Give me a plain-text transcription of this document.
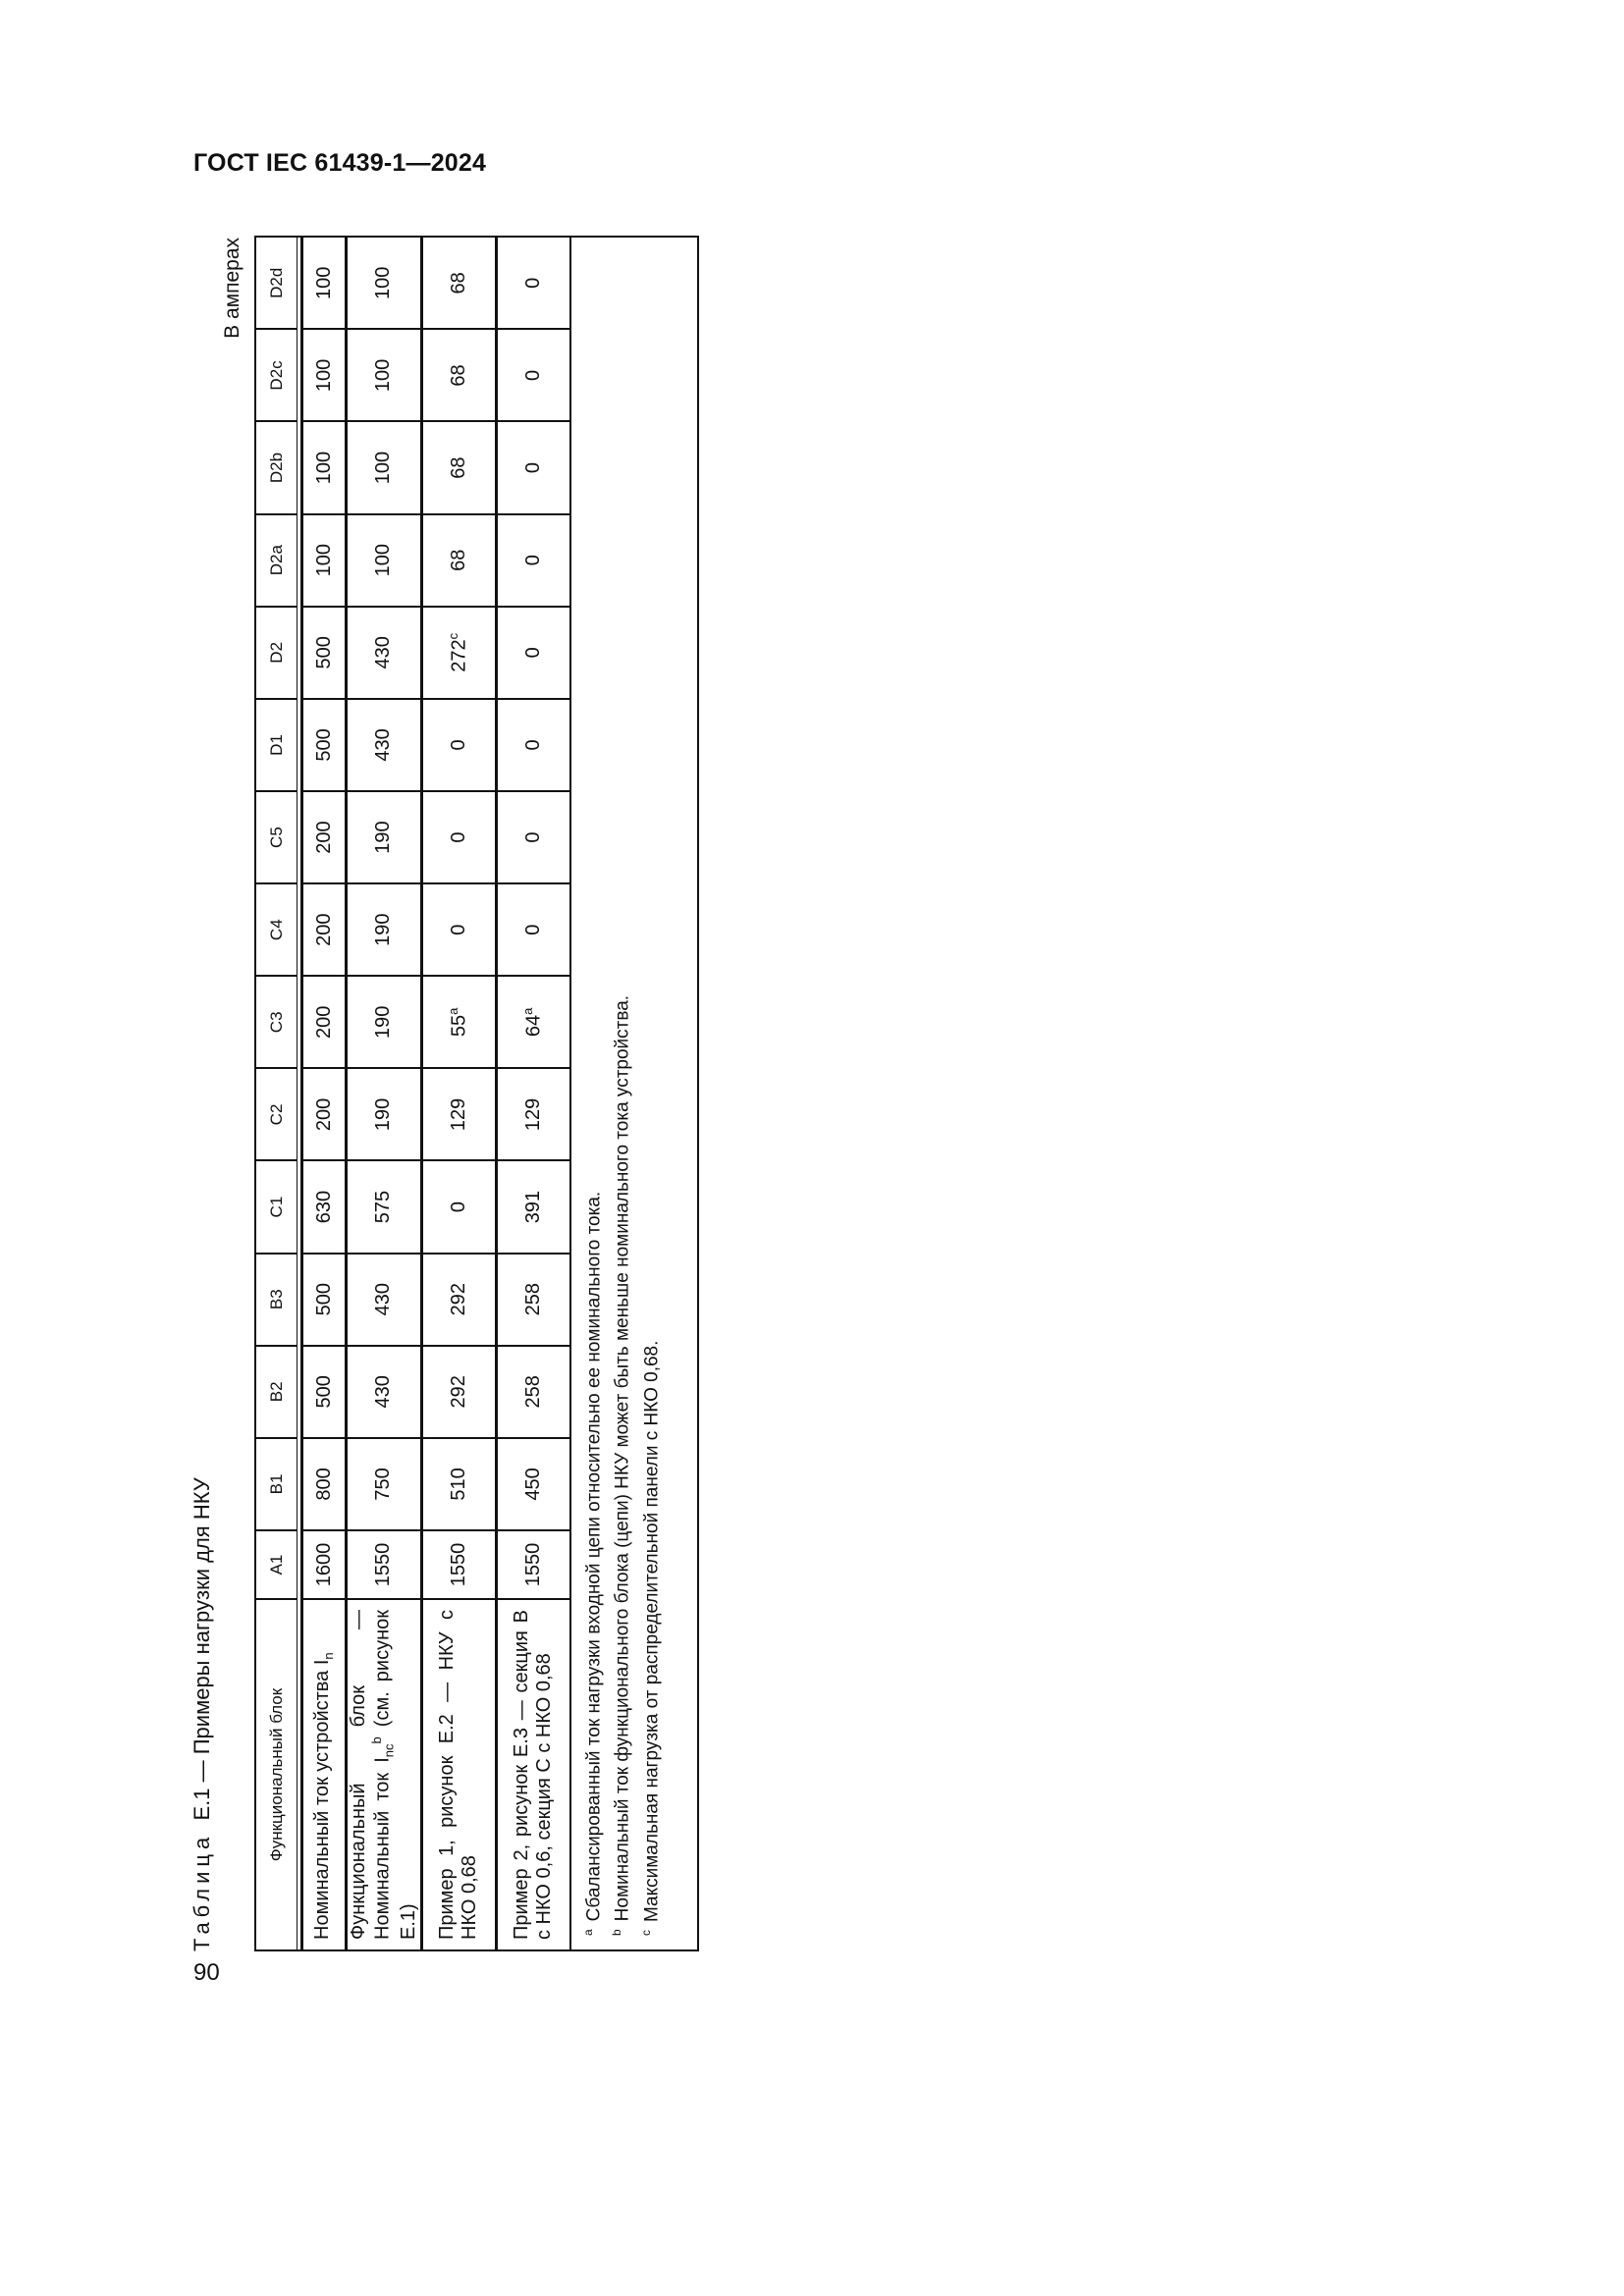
ГОСТ IEC 61439-1—2024
90
Таблица  Е.1 — Примеры нагрузки для НКУ
В амперах
Функциональный блок	A1	B1	B2	B3	C1	C2	C3	C4	C5	D1	D2	D2a	D2b	D2c	D2d

Номинальный ток устройства $I_n$	1600	800	500	500	630	200	200	200	200	500	500	100	100	100	100
Функциональный блок — Номинальный ток $I_{nc}^b$ (см. рисунок Е.1)	1550	750	430	430	575	190	190	190	190	430	430	100	100	100	100
Пример 1, рисунок Е.2 — НКУ с НКО 0,68	1550	510	292	292	0	129	55$^a$	0	0	0	272$^c$	68	68	68	68
Пример 2, рисунок Е.3 — секция В с НКО 0,6, секция С с НКО 0,68	1550	450	258	258	391	129	64$^a$	0	0	0	0	0	0	0	0

$^a$Сбалансированный ток нагрузки входной цепи относительно ее номинального тока.
$^b$Номинальный ток функционального блока (цепи) НКУ может быть меньше номинального тока устройства.
$^c$Максимальная нагрузка от распределительной панели с НКО 0,68.															
